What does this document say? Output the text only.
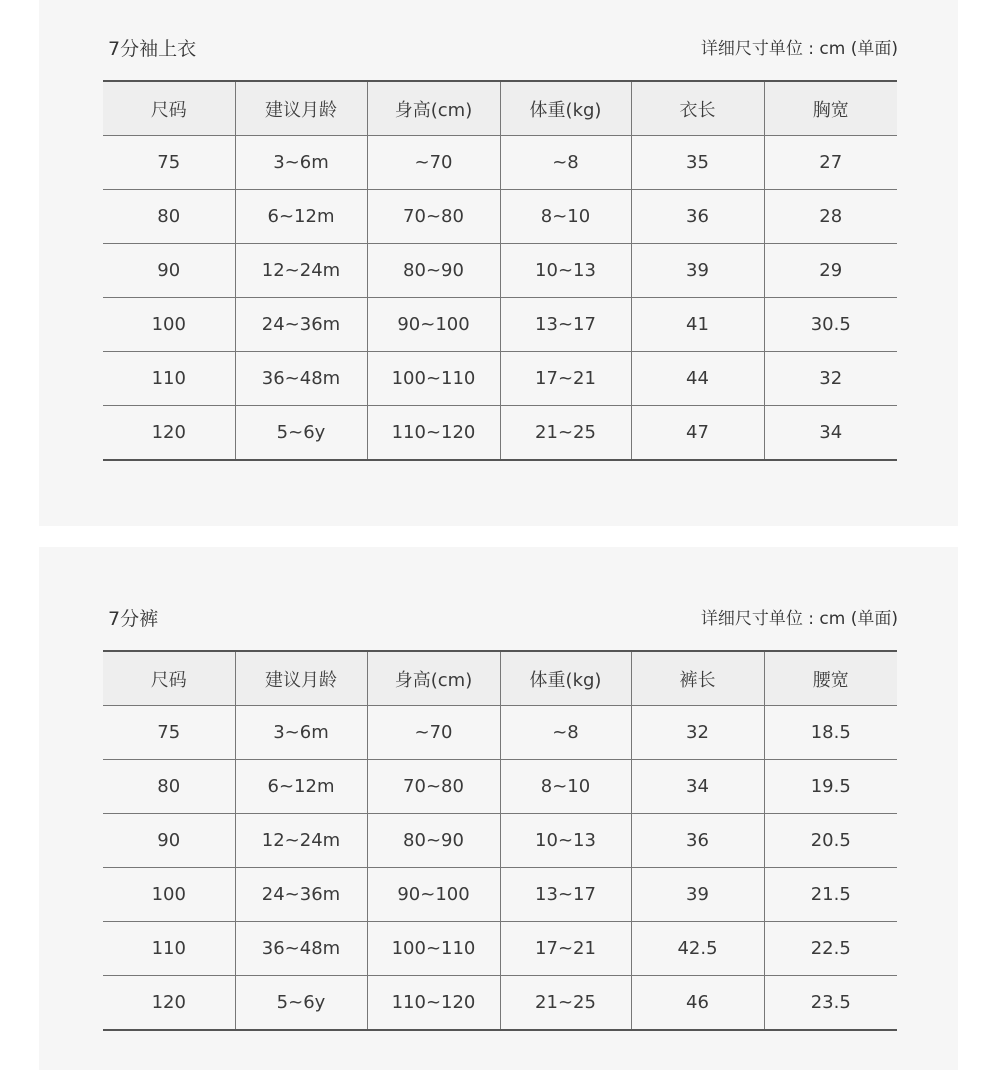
7分袖上衣	详细尺寸单位 : cm (单面)
尺码	建议月龄	身高(cm)	体重(kg)	衣长	胸宽
75	3~6m	~70	~8	35	27
80	6~12m	70~80	8~10	36	28
90	12~24m	80~90	10~13	39	29
100	24~36m	90~100	13~17	41	30.5
110	36~48m	100~110	17~21	44	32
120	5~6y	110~120	21~25	47	34
7分裤	详细尺寸单位 : cm (单面)
尺码	建议月龄	身高(cm)	体重(kg)	裤长	腰宽
75	3~6m	~70	~8	32	18.5
80	6~12m	70~80	8~10	34	19.5
90	12~24m	80~90	10~13	36	20.5
100	24~36m	90~100	13~17	39	21.5
110	36~48m	100~110	17~21	42.5	22.5
120	5~6y	110~120	21~25	46	23.5
